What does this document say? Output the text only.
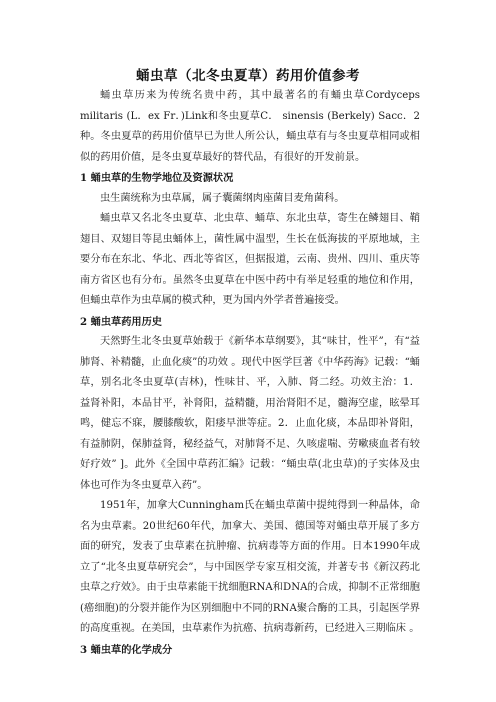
蛹虫草（北冬虫夏草）药用价值参考

蛹虫草历来为传统名贵中药，其中最著名的有蛹虫草Cordyceps militaris (L．ex Fr．)Link和冬虫夏草C． sinensis (Berkely) Sacc．2种。冬虫夏草的药用价值早已为世人所公认，蛹虫草有与冬虫夏草相同或相似的药用价值，是冬虫夏草最好的替代品，有很好的开发前景。

1 蛹虫草的生物学地位及资源状况

虫生菌统称为虫草属，属子囊菌纲肉座菌目麦角菌科。

蛹虫草又名北冬虫夏草、北虫草、蛹草、东北虫草，寄生在鳞翅目、鞘翅目、双翅目等昆虫蛹体上，菌性属中温型，生长在低海拔的平原地域，主要分布在东北、华北、西北等省区，但据报道，云南、贵州、四川、重庆等南方省区也有分布。虽然冬虫夏草在中医中药中有举足轻重的地位和作用，但蛹虫草作为虫草属的模式种，更为国内外学者普遍接受。

2 蛹虫草药用历史

天然野生北冬虫夏草始载于《新华本草纲要》，其“味甘，性平”，有“益肺肾、补精髓，止血化痰”的功效 。现代中医学巨著《中华药海》记载：“蛹草，别名北冬虫夏草(吉林)，性味甘、平，入肺、肾二经。功效主治：1．益肾补阳，本品甘平，补肾阳，益精髓，用治肾阳不足，髓海空虚，眩晕耳鸣，健忘不寐，腰膝酸软，阳痿早泄等症。2．止血化痰，本品即补肾阳，有益肺阴，保肺益肾，秘经益气，对肺肾不足、久咳虚喘、劳嗽痰血者有较好疗效” ]。此外《全国中草药汇编》记载：“蛹虫草(北虫草)的子实体及虫体也可作为冬虫夏草入药”。

1951年，加拿大Cunningham氏在蛹虫草菌中提纯得到一种晶体，命名为虫草素。20世纪60年代，加拿大、美国、德国等对蛹虫草开展了多方面的研究，发表了虫草素在抗肿瘤、抗病毒等方面的作用。日本1990年成立了“北冬虫夏草研究会”，与中国医学专家互相交流，并著专书《新汉药北虫草之疗效》。由于虫草素能干扰细胞RNA和DNA的合成，抑制不正常细胞(癌细胞)的分裂并能作为区别细胞中不同的RNA聚合酶的工具，引起医学界的高度重视。在美国，虫草素作为抗癌、抗病毒新药，已经进入三期临床 。

3 蛹虫草的化学成分
